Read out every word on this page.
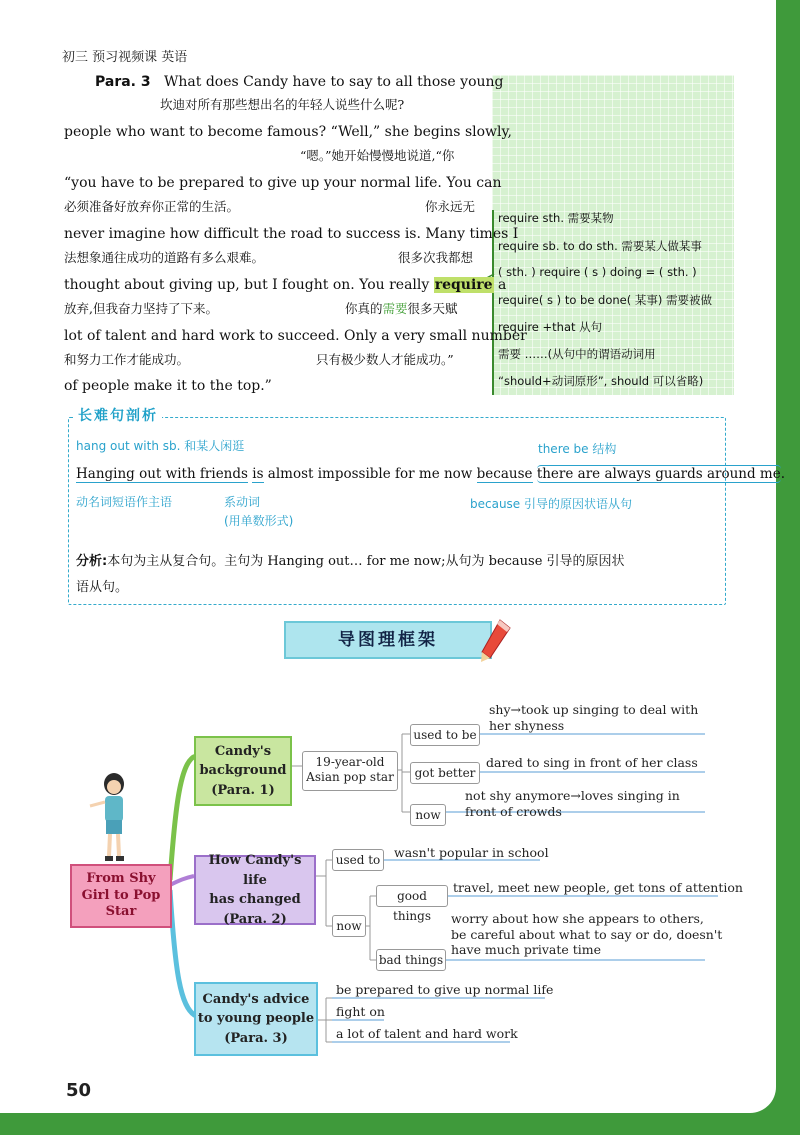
初三 预习视频课 英语
require sth. 需要某物
require sb. to do sth. 需要某人做某事
( sth. ) require ( s ) doing = ( sth. )
require( s ) to be done( 某事) 需要被做
require +that 从句
需要 ……(从句中的谓语动词用
“should+动词原形”, should 可以省略)
Para. 3 What does Candy have to say to all those young
坎迪对所有那些想出名的年轻人说些什么呢?
people who want to become famous? “Well,” she begins slowly,
“嗯。”她开始慢慢地说道,“你
“you have to be prepared to give up your normal life. You can
必须准备好放弃你正常的生活。	你永远无
never imagine how difficult the road to success is. Many times I
法想象通往成功的道路有多么艰难。	很多次我都想
thought about giving up, but I fought on. You really require a
放弃,但我奋力坚持了下来。	你真的需要很多天赋
lot of talent and hard work to succeed. Only a very small number
和努力工作才能成功。	只有极少数人才能成功。”
of people make it to the top.”
长难句剖析
hang out with sb. 和某人闲逛	there be 结构
Hanging out with friends is almost impossible for me now because there are always guards around me.
动名词短语作主语	系动词
(用单数形式)
because 引导的原因状语从句
分析:本句为主从复合句。主句为 Hanging out… for me now;从句为 because 引导的原因状
语从句。
导图理框架
From Shy
Girl to Pop
Star
Candy's
background
(Para. 1)
19-year-old
Asian pop star
used to be
shy→took up singing to deal with
her shyness
got better
dared to sing in front of her class
now
not shy anymore→loves singing in
front of crowds
How Candy's life
has changed
(Para. 2)
used to wasn't popular in school
now
good things
travel, meet new people, get tons of attention
bad things
worry about how she appears to others,
be careful about what to say or do, doesn't
have much private time
Candy's advice
to young people
(Para. 3)
be prepared to give up normal life
fight on
a lot of talent and hard work
50
